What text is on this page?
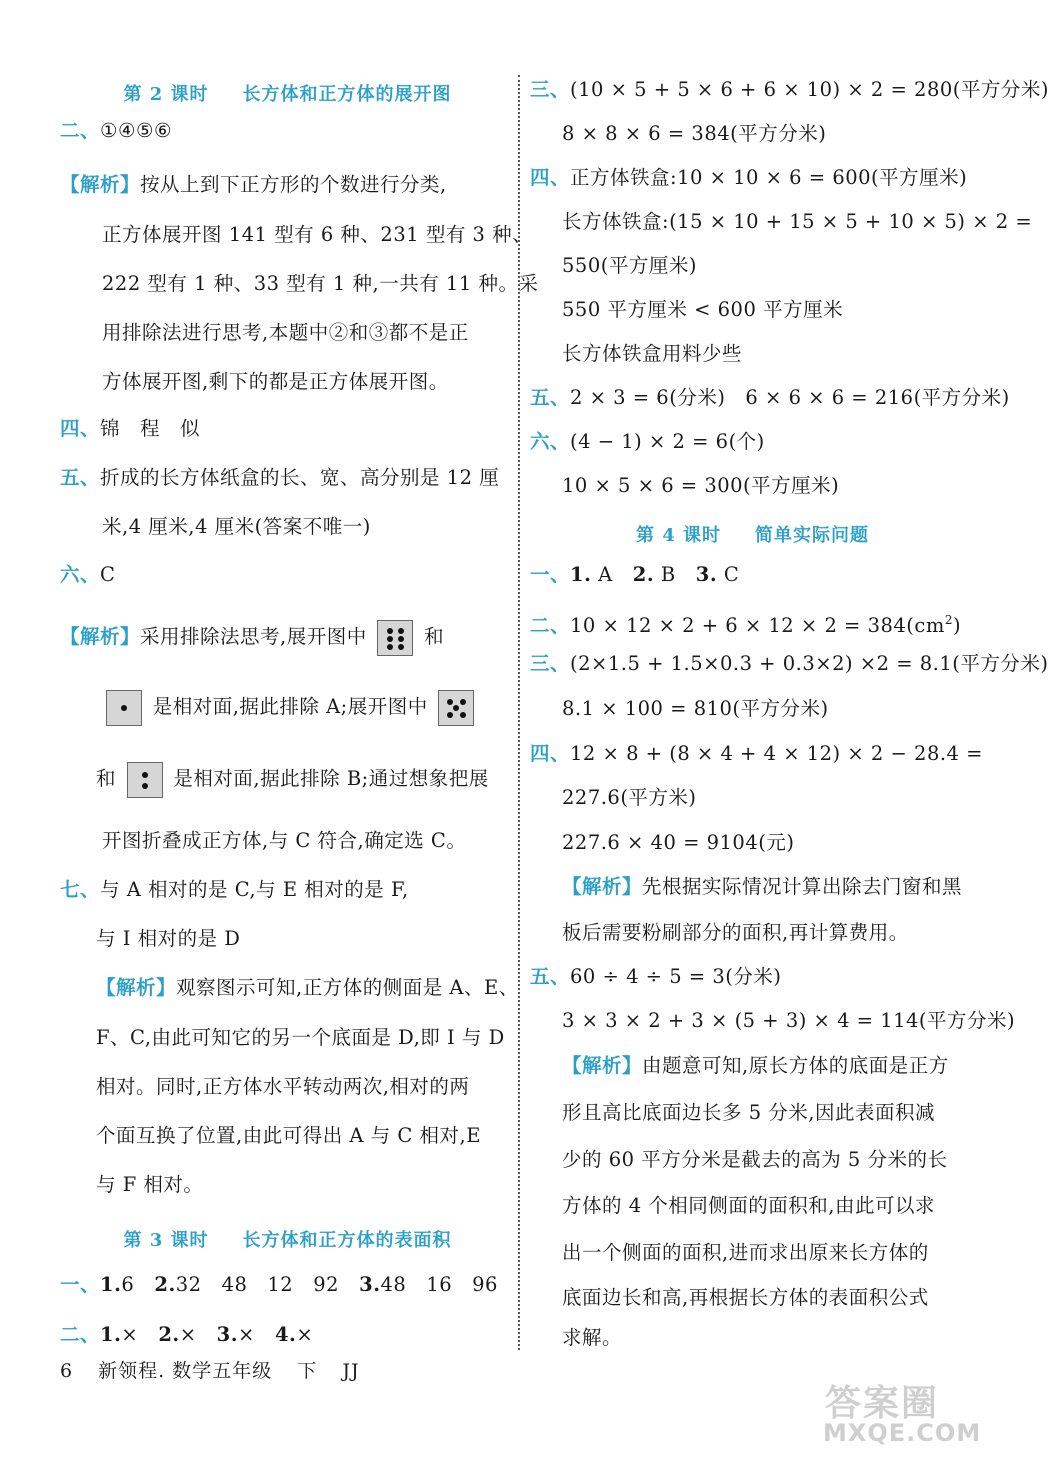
第 2 课时 长方体和正方体的展开图
二、①④⑤⑥
【解析】按从上到下正方形的个数进行分类,
正方体展开图 141 型有 6 种、231 型有 3 种、
222 型有 1 种、33 型有 1 种,一共有 11 种。采
用排除法进行思考,本题中②和③都不是正
方体展开图,剩下的都是正方体展开图。
四、锦　程　似
五、折成的长方体纸盒的长、宽、高分别是 12 厘
米,4 厘米,4 厘米(答案不唯一)
六、C
【解析】采用排除法思考,展开图中	和
是相对面,据此排除 A;展开图中
和	是相对面,据此排除 B;通过想象把展
开图折叠成正方体,与 C 符合,确定选 C。
七、与 A 相对的是 C,与 E 相对的是 F,
与 I 相对的是 D
【解析】观察图示可知,正方体的侧面是 A、E、
F、C,由此可知它的另一个底面是 D,即 I 与 D
相对。同时,正方体水平转动两次,相对的两
个面互换了位置,由此可得出 A 与 C 相对,E
与 F 相对。
第 3 课时 长方体和正方体的表面积
一、1.6 2.32　48　12　92 3.48　16　96
二、1.× 2.× 3.× 4.×
三、(10 × 5 + 5 × 6 + 6 × 10) × 2 = 280(平方分米)
8 × 8 × 6 = 384(平方分米)
四、正方体铁盒:10 × 10 × 6 = 600(平方厘米)
长方体铁盒:(15 × 10 + 15 × 5 + 10 × 5) × 2 =
550(平方厘米)
550 平方厘米 < 600 平方厘米
长方体铁盒用料少些
五、2 × 3 = 6(分米)　6 × 6 × 6 = 216(平方分米)
六、(4 − 1) × 2 = 6(个)
10 × 5 × 6 = 300(平方厘米)
第 4 课时 简单实际问题
一、1. A 2. B 3. C
二、$10 \times 12 \times 2 + 6 \times 12 \times 2 = 384(cm^2)$
三、(2×1.5 + 1.5×0.3 + 0.3×2) ×2 = 8.1(平方分米)
8.1 × 100 = 810(平方分米)
四、12 × 8 + (8 × 4 + 4 × 12) × 2 − 28.4 =
227.6(平方米)
227.6 × 40 = 9104(元)
【解析】先根据实际情况计算出除去门窗和黑
板后需要粉刷部分的面积,再计算费用。
五、60 ÷ 4 ÷ 5 = 3(分米)
3 × 3 × 2 + 3 × (5 + 3) × 4 = 114(平方分米)
【解析】由题意可知,原长方体的底面是正方
形且高比底面边长多 5 分米,因此表面积减
少的 60 平方分米是截去的高为 5 分米的长
方体的 4 个相同侧面的面积和,由此可以求
出一个侧面的面积,进而求出原来长方体的
底面边长和高,再根据长方体的表面积公式
求解。
6 新领程. 数学五年级 下 JJ
答案圈
MXQE.COM
